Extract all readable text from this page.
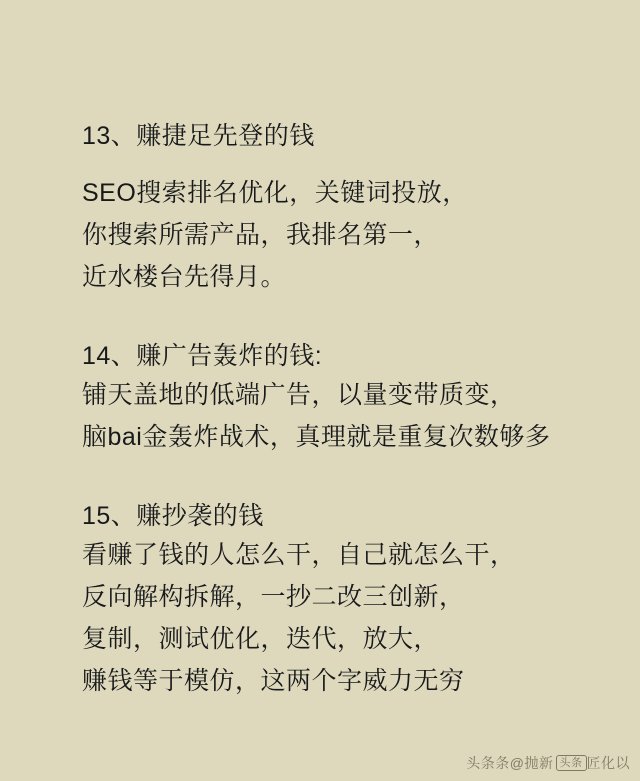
13、赚捷足先登的钱
SEO搜索排名优化，关键词投放，
你搜索所需产品，我排名第一，
近水楼台先得月。
14、赚广告轰炸的钱:
铺天盖地的低端广告，以量变带质变，
脑bai金轰炸战术，真理就是重复次数够多
15、赚抄袭的钱
看赚了钱的人怎么干，自己就怎么干，
反向解构拆解，一抄二改三创新，
复制，测试优化，迭代，放大，
赚钱等于模仿，这两个字威力无穷
头条条@抛新 头条 匠化以
